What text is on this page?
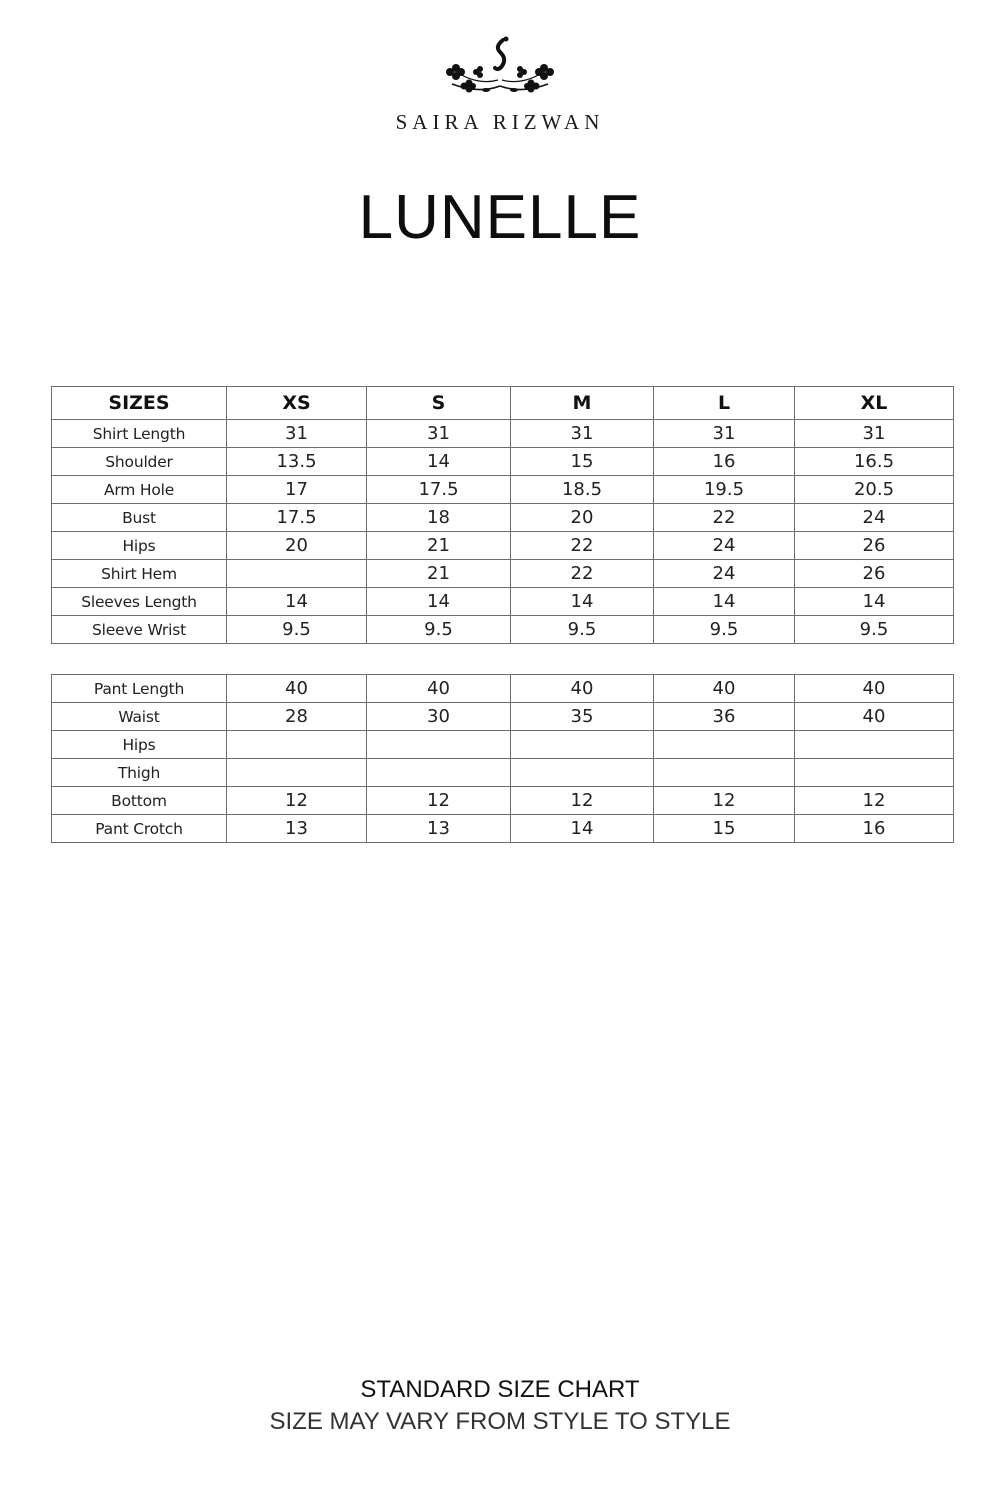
SAIRA RIZWAN
LUNELLE
SIZES	XS	S	M	L	XL
Shirt Length	31	31	31	31	31
Shoulder	13.5	14	15	16	16.5
Arm Hole	17	17.5	18.5	19.5	20.5
Bust	17.5	18	20	22	24
Hips	20	21	22	24	26
Shirt Hem		21	22	24	26
Sleeves Length	14	14	14	14	14
Sleeve Wrist	9.5	9.5	9.5	9.5	9.5
Pant Length	40	40	40	40	40
Waist	28	30	35	36	40
Hips					
Thigh					
Bottom	12	12	12	12	12
Pant Crotch	13	13	14	15	16
STANDARD SIZE CHART
SIZE MAY VARY FROM STYLE TO STYLE
